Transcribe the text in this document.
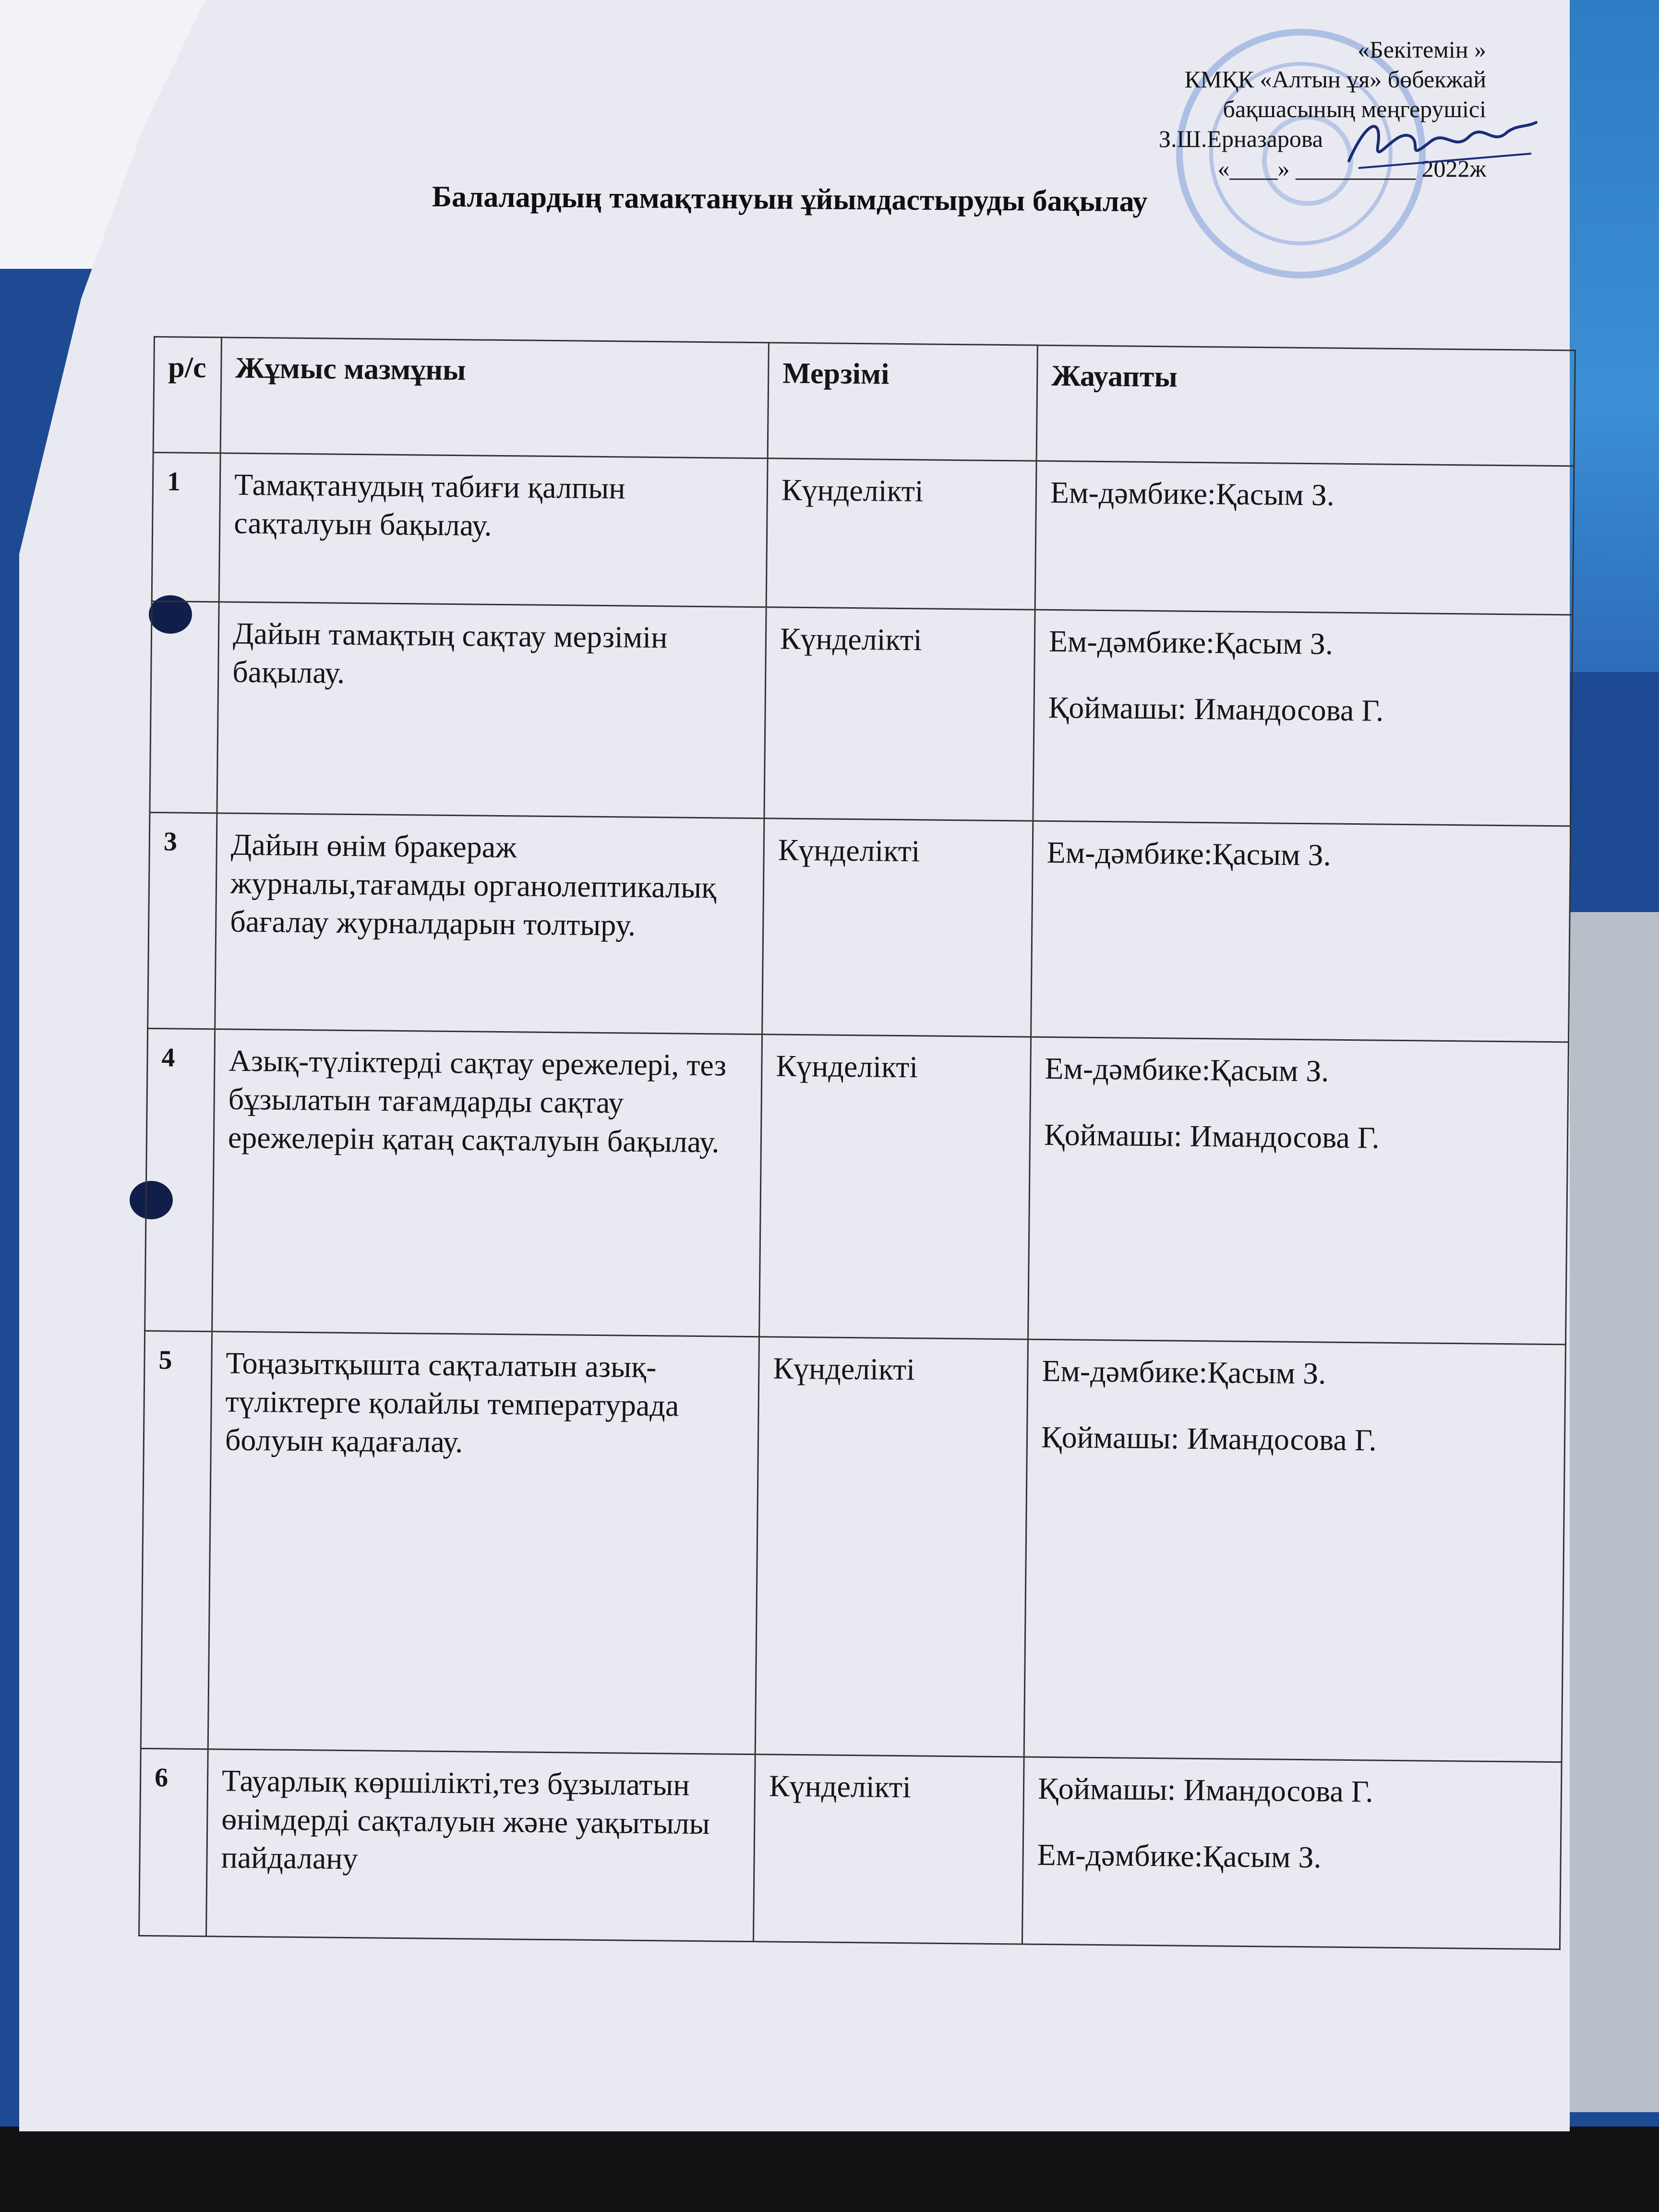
«Бекітемін »
КМҚК «Алтын ұя» бөбекжай
бақшасының меңгерушісі
З.Ш.Ерназарова
«____» __________ 2022ж
Балалардың тамақтануын ұйымдастыруды бақылау
р/с	Жұмыс мазмұны	Мерзімі	Жауапты
1	Тамақтанудың табиғи қалпын сақталуын бақылау.	Күнделікті	Ем-дәмбике:Қасым З.

	Дайын тамақтың сақтау мерзімін бақылау.	Күнделікті	Ем-дәмбике:Қасым З.
Қоймашы: Имандосова Г.

3	Дайын өнім бракераж журналы,тағамды органолептикалық бағалау журналдарын толтыру.	Күнделікті	Ем-дәмбике:Қасым З.

4	Азық-түліктерді сақтау ережелері, тез бұзылатын тағамдарды сақтау ережелерін қатаң сақталуын бақылау.	Күнделікті	Ем-дәмбике:Қасым З.
Қоймашы: Имандосова Г.

5	Тоңазытқышта сақталатын азық-түліктерге қолайлы температурада болуын қадағалау.	Күнделікті	Ем-дәмбике:Қасым З.
Қоймашы: Имандосова Г.

6	Тауарлық көршілікті,тез бұзылатын өнімдерді сақталуын және уақытылы пайдалану	Күнделікті	Қоймашы: Имандосова Г.
Ем-дәмбике:Қасым З.
